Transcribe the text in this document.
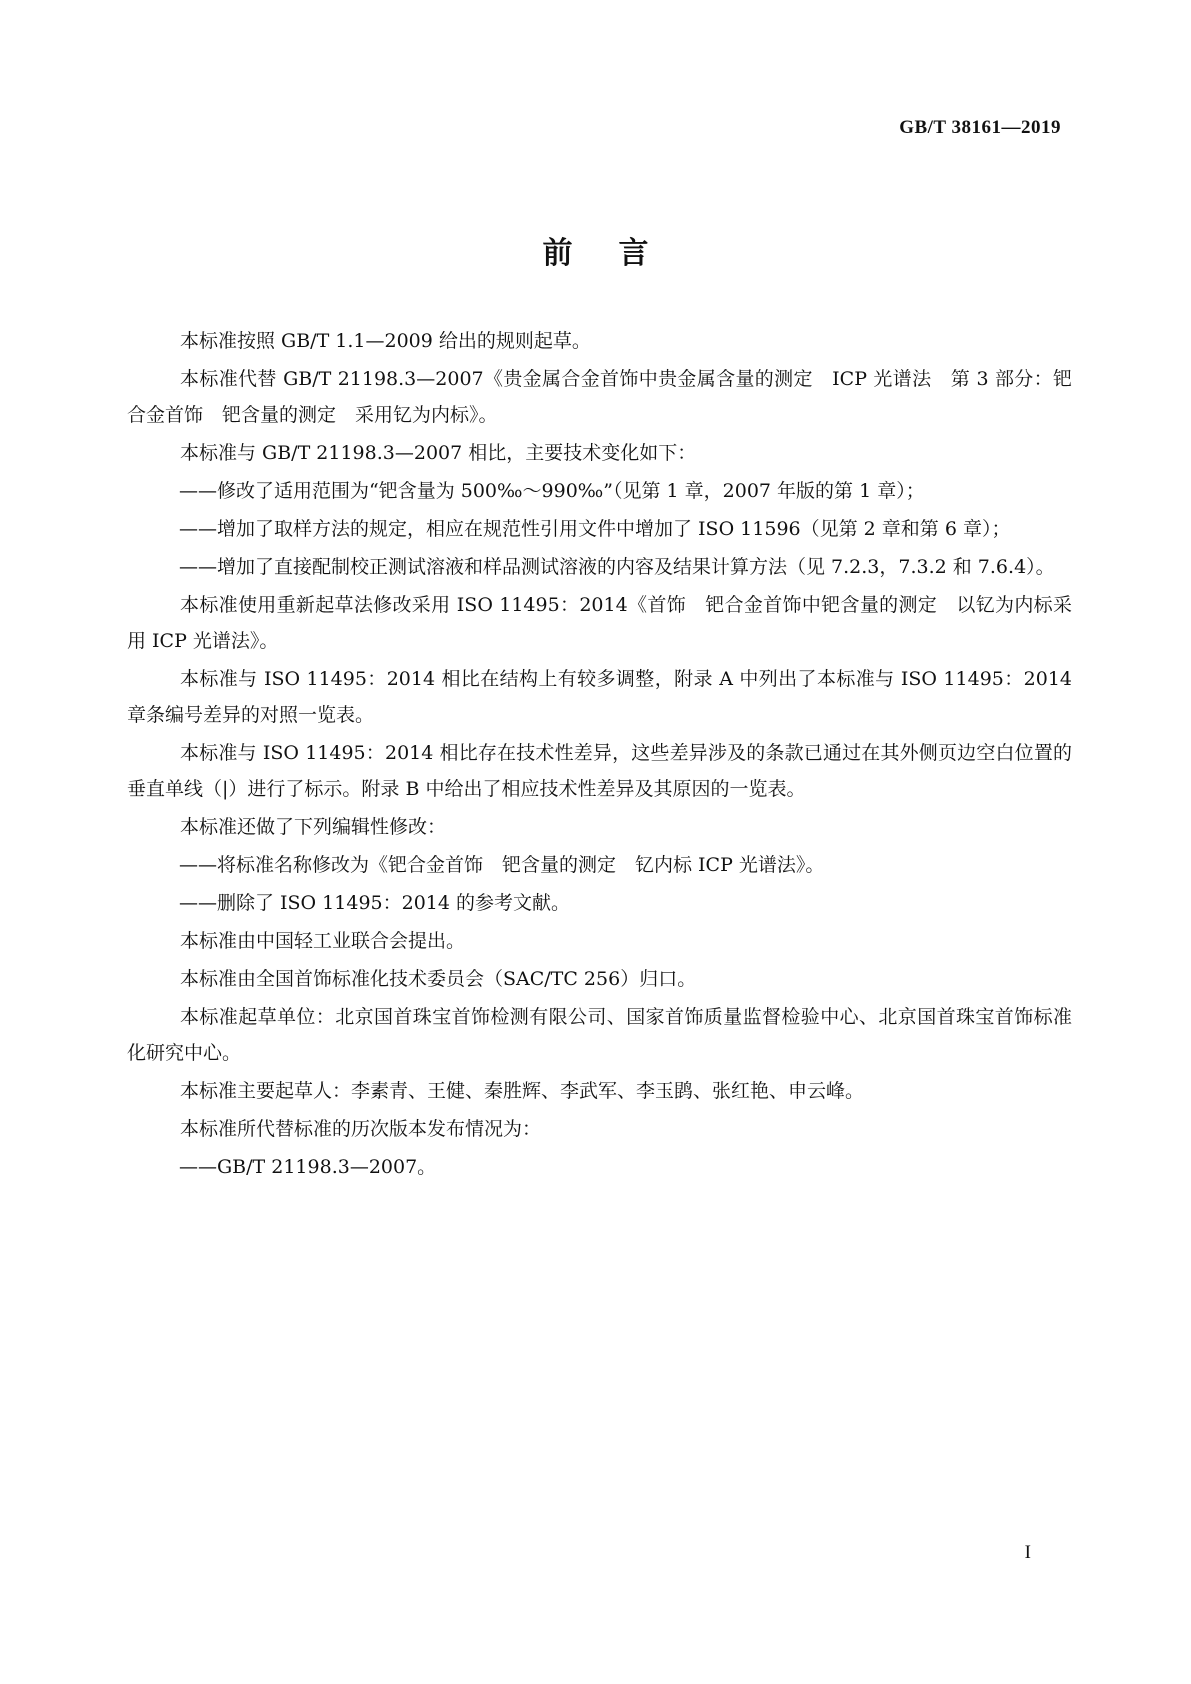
GB/T 38161—2019
前言

本标准按照 GB/T 1.1—2009 给出的规则起草。

本标准代替 GB/T 21198.3—2007《贵金属合金首饰中贵金属含量的测定　ICP 光谱法　第 3 部分：钯合金首饰　钯含量的测定　采用钇为内标》。

本标准与 GB/T 21198.3—2007 相比，主要技术变化如下：

—— 修改了适用范围为“钯含量为 500‰～990‰”（见第 1 章，2007 年版的第 1 章）；

—— 增加了取样方法的规定，相应在规范性引用文件中增加了 ISO 11596（见第 2 章和第 6 章）；

—— 增加了直接配制校正测试溶液和样品测试溶液的内容及结果计算方法（见 7.2.3，7.3.2 和 7.6.4）。

本标准使用重新起草法修改采用 ISO 11495：2014《首饰　钯合金首饰中钯含量的测定　以钇为内标采用 ICP 光谱法》。

本标准与 ISO 11495：2014 相比在结构上有较多调整，附录 A 中列出了本标准与 ISO 11495：2014 章条编号差异的对照一览表。

本标准与 ISO 11495：2014 相比存在技术性差异，这些差异涉及的条款已通过在其外侧页边空白位置的垂直单线（|）进行了标示。附录 B 中给出了相应技术性差异及其原因的一览表。

本标准还做了下列编辑性修改：

—— 将标准名称修改为《钯合金首饰　钯含量的测定　钇内标 ICP 光谱法》。

—— 删除了 ISO 11495：2014 的参考文献。

本标准由中国轻工业联合会提出。

本标准由全国首饰标准化技术委员会（SAC/TC 256）归口。

本标准起草单位：北京国首珠宝首饰检测有限公司、国家首饰质量监督检验中心、北京国首珠宝首饰标准化研究中心。

本标准主要起草人：李素青、王健、秦胜辉、李武军、李玉鹍、张红艳、申云峰。

本标准所代替标准的历次版本发布情况为：

—— GB/T 21198.3—2007。

I
